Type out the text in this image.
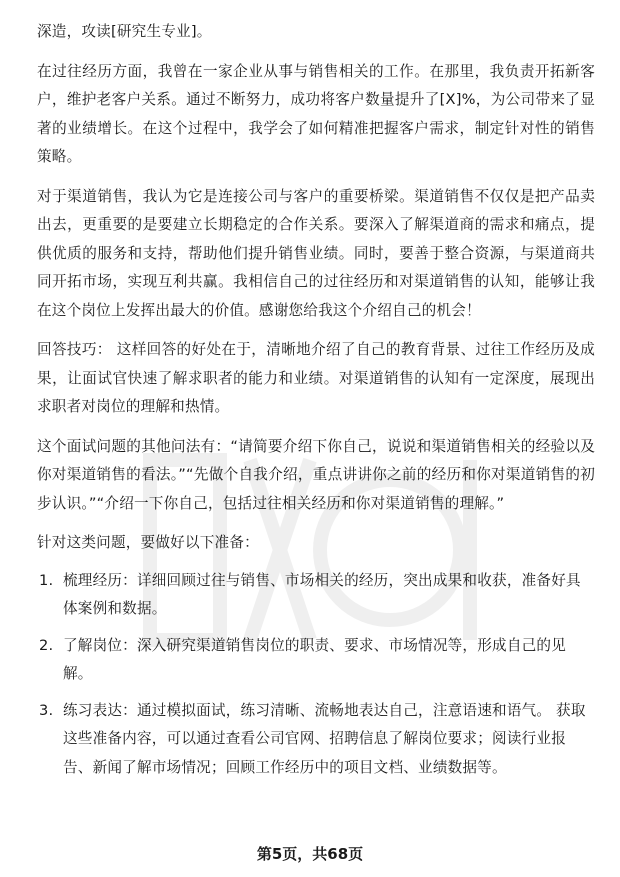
深造，攻读[研究生专业]。

在过往经历方面，我曾在一家企业从事与销售相关的工作。在那里，我负责开拓新客户，维护老客户关系。通过不断努力，成功将客户数量提升了[X]%，为公司带来了显著的业绩增长。在这个过程中，我学会了如何精准把握客户需求，制定针对性的销售策略。

对于渠道销售，我认为它是连接公司与客户的重要桥梁。渠道销售不仅仅是把产品卖出去，更重要的是要建立长期稳定的合作关系。要深入了解渠道商的需求和痛点，提供优质的服务和支持，帮助他们提升销售业绩。同时，要善于整合资源，与渠道商共同开拓市场，实现互利共赢。我相信自己的过往经历和对渠道销售的认知，能够让我在这个岗位上发挥出最大的价值。感谢您给我这个介绍自己的机会！

回答技巧： 这样回答的好处在于，清晰地介绍了自己的教育背景、过往工作经历及成果，让面试官快速了解求职者的能力和业绩。对渠道销售的认知有一定深度，展现出求职者对岗位的理解和热情。

这个面试问题的其他问法有：“请简要介绍下你自己，说说和渠道销售相关的经验以及你对渠道销售的看法。”“先做个自我介绍，重点讲讲你之前的经历和你对渠道销售的初步认识。”“介绍一下你自己，包括过往相关经历和你对渠道销售的理解。”

针对这类问题，要做好以下准备：

1. 梳理经历：详细回顾过往与销售、市场相关的经历，突出成果和收获，准备好具体案例和数据。
2. 了解岗位：深入研究渠道销售岗位的职责、要求、市场情况等，形成自己的见解。
3. 练习表达：通过模拟面试，练习清晰、流畅地表达自己，注意语速和语气。 获取这些准备内容，可以通过查看公司官网、招聘信息了解岗位要求；阅读行业报告、新闻了解市场情况；回顾工作经历中的项目文档、业绩数据等。
第5页，共68页
